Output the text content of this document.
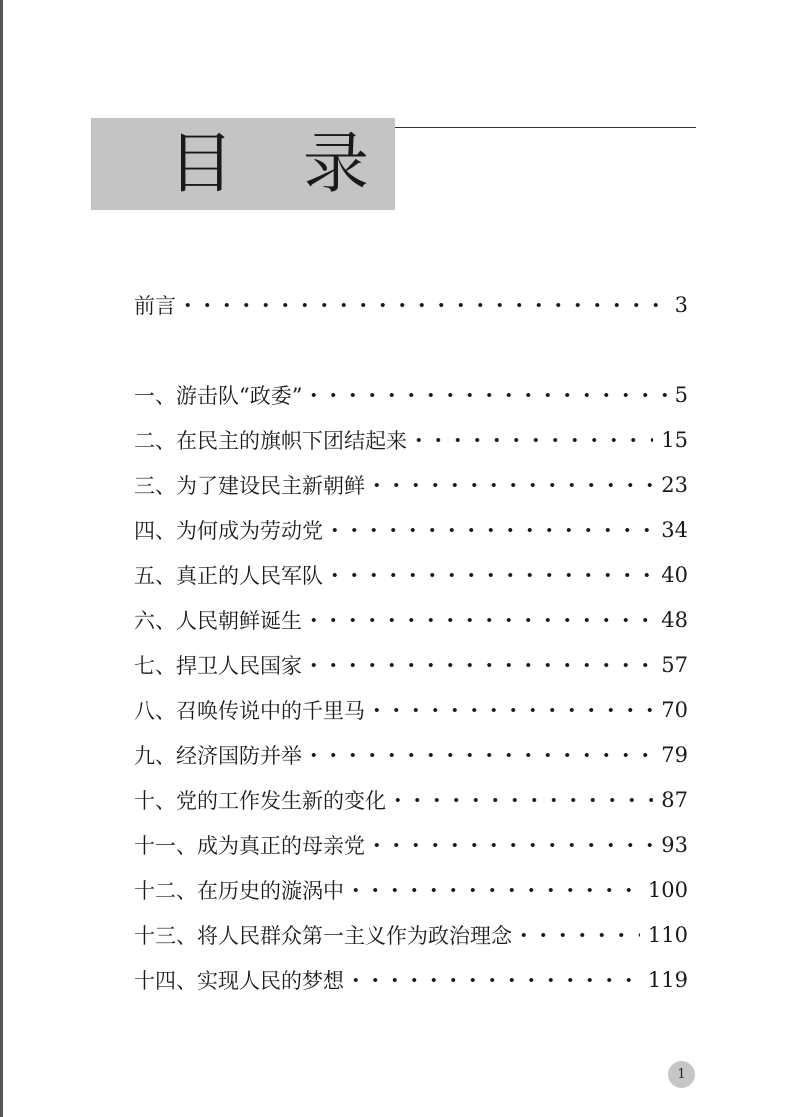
目 录
前言	3
一、游击队“政委”	5
二、在民主的旗帜下团结起来	15
三、为了建设民主新朝鲜	23
四、为何成为劳动党	34
五、真正的人民军队	40
六、人民朝鲜诞生	48
七、捍卫人民国家	57
八、召唤传说中的千里马	70
九、经济国防并举	79
十、党的工作发生新的变化	87
十一、成为真正的母亲党	93
十二、在历史的漩涡中	100
十三、将人民群众第一主义作为政治理念	110
十四、实现人民的梦想	119
1
